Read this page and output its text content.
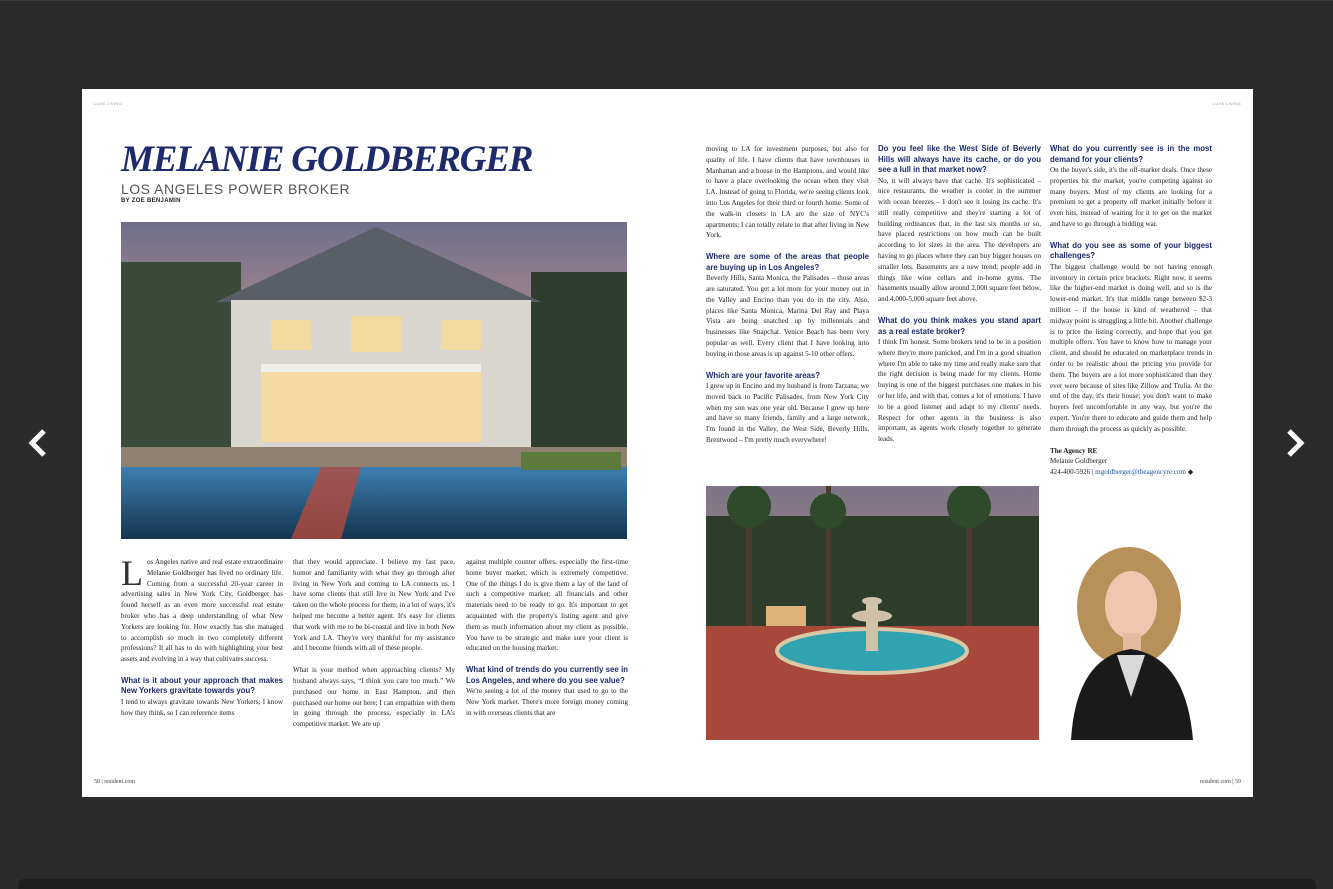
LUXE LIVING
MELANIE GOLDBERGER
LOS ANGELES POWER BROKER
BY ZOE BENJAMIN

Los Angeles native and real estate extraordinaire Melanie Goldberger has lived no ordinary life. Coming from a successful 20-year career in advertising sales in New York City, Goldberger has found herself as an even more successful real estate broker who has a deep understanding of what New Yorkers are looking for. How exactly has she managed to accomplish so much in two completely different professions? It all has to do with highlighting your best assets and evolving in a way that cultivates success.

What is it about your approach that makes New Yorkers gravitate towards you?

I tend to always gravitate towards New Yorkers; I know how they think, so I can reference items

that they would appreciate. I believe my fast pace, humor and familiarity with what they go through after living in New York and coming to LA connects us. I have some clients that still live in New York and I've taken on the whole process for them; in a lot of ways, it's helped me become a better agent. It's easy for clients that work with me to be bi-coastal and live in both New York and LA. They're very thankful for my assistance and I become friends with all of these people.

What is your method when approaching clients? My husband always says, “I think you care too much.” We purchased our home in East Hampton, and then purchased our home out here; I can empathize with them in going through the process, especially in LA's competitive market. We are up

against multiple counter offers, especially the first-time home buyer market, which is extremely competitive. One of the things I do is give them a lay of the land of such a competitive market; all financials and other materials need to be ready to go. It's important to get acquainted with the property's listing agent and give them as much information about my client as possible. You have to be strategic and make sure your client is educated on the housing market.

What kind of trends do you currently see in Los Angeles, and where do you see value?

We're seeing a lot of the money that used to go to the New York market. There's more foreign money coming in with overseas clients that are

58 | resident.com
LUXE LIVING

moving to LA for investment purposes, but also for quality of life. I have clients that have townhouses in Manhattan and a house in the Hamptons, and would like to have a place overlooking the ocean when they visit LA. Instead of going to Florida, we're seeing clients look into Los Angeles for their third or fourth home. Some of the walk-in closets in LA are the size of NYC's apartments; I can totally relate to that after living in New York.

Where are some of the areas that people are buying up in Los Angeles?

Beverly Hills, Santa Monica, the Palisades – those areas are saturated. You get a lot more for your money out in the Valley and Encino than you do in the city. Also, places like Santa Monica, Marina Del Ray and Playa Vista are being snatched up by millennials and businesses like Snapchat. Venice Beach has been very popular as well. Every client that I have looking into buying in those areas is up against 5-10 other offers.

Which are your favorite areas?

I grew up in Encino and my husband is from Tarzana; we moved back to Pacific Palisades, from New York City when my son was one year old. Because I grew up here and have so many friends, family and a large network, I'm found in the Valley, the West Side, Beverly Hills, Brentwood – I'm pretty much everywhere!

Do you feel like the West Side of Beverly Hills will always have its cache, or do you see a lull in that market now?

No, it will always have that cache. It's sophisticated – nice restaurants, the weather is cooler in the summer with ocean breezes – I don't see it losing its cache. It's still really competitive and they're starting a lot of building ordinances that, in the last six months or so, have placed restrictions on how much can be built according to lot sizes in the area. The developers are having to go places where they can buy bigger houses on smaller lots. Basements are a new trend; people add in things like wine cellars and in-home gyms. The basements usually allow around 2,000 square feet below, and 4,000-5,000 square feet above.

What do you think makes you stand apart as a real estate broker?

I think I'm honest. Some brokers tend to be in a position where they're more panicked, and I'm in a good situation where I'm able to take my time and really make sure that the right decision is being made for my clients. Home buying is one of the biggest purchases one makes in his or her life, and with that, comes a lot of emotions. I have to be a good listener and adapt to my clients' needs. Respect for other agents in the business is also important, as agents work closely together to generate leads.

What do you currently see is in the most demand for your clients?

On the buyer's side, it's the off-market deals. Once these properties hit the market, you're competing against so many buyers. Most of my clients are looking for a premium to get a property off market initially before it even hits, instead of waiting for it to get on the market and have to go through a bidding war.

What do you see as some of your biggest challenges?

The biggest challenge would be not having enough inventory in certain price brackets. Right now, it seems like the higher-end market is doing well, and so is the lower-end market. It's that middle range between $2-3 million – if the house is kind of weathered – that midway point is struggling a little bit. Another challenge is to price the listing correctly, and hope that you get multiple offers. You have to know how to manage your client, and should be educated on marketplace trends in order to be realistic about the pricing you provide for them. The buyers are a lot more sophisticated than they ever were because of sites like Zillow and Trulia. At the end of the day, it's their house; you don't want to make buyers feel uncomfortable in any way, but you're the expert. You're there to educate and guide them and help them through the process as quickly as possible.

The Agency RE

Melanie Goldberger

424-400-5926 | mgoldberger@theagencyre.com ◆

resident.com | 59
